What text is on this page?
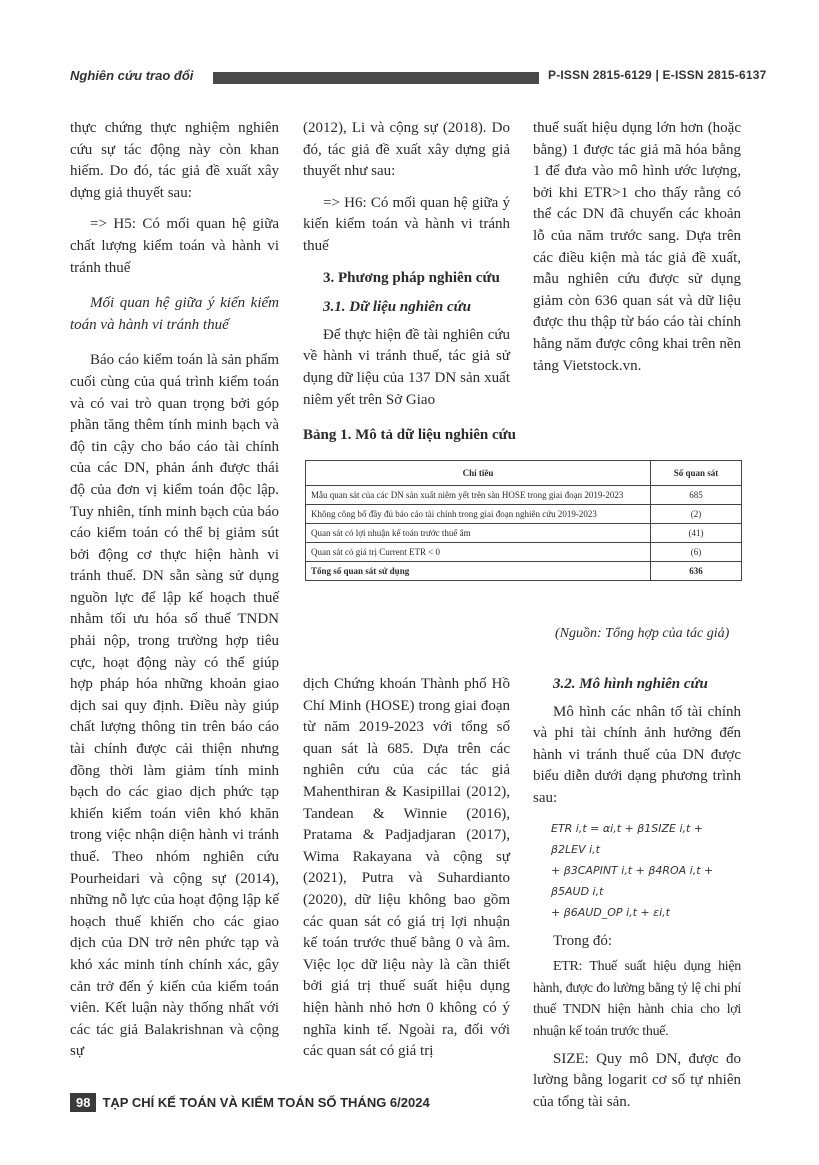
Nghiên cứu trao đổi	P-ISSN 2815-6129 | E-ISSN 2815-6137

thực chứng thực nghiệm nghiên cứu sự tác động này còn khan hiếm. Do đó, tác giả đề xuất xây dựng giả thuyết sau:

=> H5: Có mối quan hệ giữa chất lượng kiểm toán và hành vi tránh thuế

Mối quan hệ giữa ý kiến kiểm toán và hành vi tránh thuế

Báo cáo kiểm toán là sản phẩm cuối cùng của quá trình kiểm toán và có vai trò quan trọng bởi góp phần tăng thêm tính minh bạch và độ tin cậy cho báo cáo tài chính của các DN, phản ánh được thái độ của đơn vị kiểm toán độc lập. Tuy nhiên, tính minh bạch của báo cáo kiểm toán có thể bị giảm sút bởi động cơ thực hiện hành vi tránh thuế. DN sẵn sàng sử dụng nguồn lực để lập kế hoạch thuế nhằm tối ưu hóa số thuế TNDN phải nộp, trong trường hợp tiêu cực, hoạt động này có thể giúp hợp pháp hóa những khoản giao dịch sai quy định. Điều này giúp chất lượng thông tin trên báo cáo tài chính được cải thiện nhưng đồng thời làm giảm tính minh bạch do các giao dịch phức tạp khiến kiểm toán viên khó khăn trong việc nhận diện hành vi tránh thuế. Theo nhóm nghiên cứu Pourheidari và cộng sự (2014), những nỗ lực của hoạt động lập kế hoạch thuế khiến cho các giao dịch của DN trở nên phức tạp và khó xác minh tính chính xác, gây cản trở đến ý kiến của kiểm toán viên. Kết luận này thống nhất với các tác giả Balakrishnan và cộng sự

(2012), Li và cộng sự (2018). Do đó, tác giả đề xuất xây dựng giả thuyết như sau:

=> H6: Có mối quan hệ giữa ý kiến kiểm toán và hành vi tránh thuế

3. Phương pháp nghiên cứu

3.1. Dữ liệu nghiên cứu

Để thực hiện đề tài nghiên cứu về hành vi tránh thuế, tác giả sử dụng dữ liệu của 137 DN sản xuất niêm yết trên Sở Giao

thuế suất hiệu dụng lớn hơn (hoặc bằng) 1 được tác giả mã hóa bằng 1 để đưa vào mô hình ước lượng, bởi khi ETR>1 cho thấy rằng có thể các DN đã chuyển các khoản lỗ của năm trước sang. Dựa trên các điều kiện mà tác giả đề xuất, mẫu nghiên cứu được sử dụng giảm còn 636 quan sát và dữ liệu được thu thập từ báo cáo tài chính hằng năm được công khai trên nền tảng Vietstock.vn.

Bảng 1. Mô tả dữ liệu nghiên cứu
Chỉ tiêu	Số quan sát
Mẫu quan sát của các DN sản xuất niêm yết trên sàn HOSE trong giai đoạn 2019-2023	685
Không công bố đầy đủ báo cáo tài chính trong giai đoạn nghiên cứu 2019-2023	(2)
Quan sát có lợi nhuận kế toán trước thuế âm	(41)
Quan sát có giá trị Current ETR < 0	(6)
Tổng số quan sát sử dụng	636
(Nguồn: Tổng hợp của tác giả)

dịch Chứng khoán Thành phố Hồ Chí Minh (HOSE) trong giai đoạn từ năm 2019-2023 với tổng số quan sát là 685. Dựa trên các nghiên cứu của các tác giả Mahenthiran & Kasipillai (2012), Tandean & Winnie (2016), Pratama & Padjadjaran (2017), Wima Rakayana và cộng sự (2021), Putra và Suhardianto (2020), dữ liệu không bao gồm các quan sát có giá trị lợi nhuận kế toán trước thuế bằng 0 và âm. Việc lọc dữ liệu này là cần thiết bởi giá trị thuế suất hiệu dụng hiện hành nhỏ hơn 0 không có ý nghĩa kinh tế. Ngoài ra, đối với các quan sát có giá trị

3.2. Mô hình nghiên cứu

Mô hình các nhân tố tài chính và phi tài chính ảnh hưởng đến hành vi tránh thuế của DN được biểu diễn dưới dạng phương trình sau:

ETR i,t = αi,t + β1SIZE i,t + β2LEV i,t
+ β3CAPINT i,t + β4ROA i,t + β5AUD i,t
+ β6AUD_OP i,t + εi,t

Trong đó:

ETR: Thuế suất hiệu dụng hiện hành, được đo lường bằng tỷ lệ chi phí thuế TNDN hiện hành chia cho lợi nhuận kế toán trước thuế.

SIZE: Quy mô DN, được đo lường bằng logarit cơ số tự nhiên của tổng tài sản.

98 TẠP CHÍ KẾ TOÁN VÀ KIỂM TOÁN SỐ THÁNG 6/2024
